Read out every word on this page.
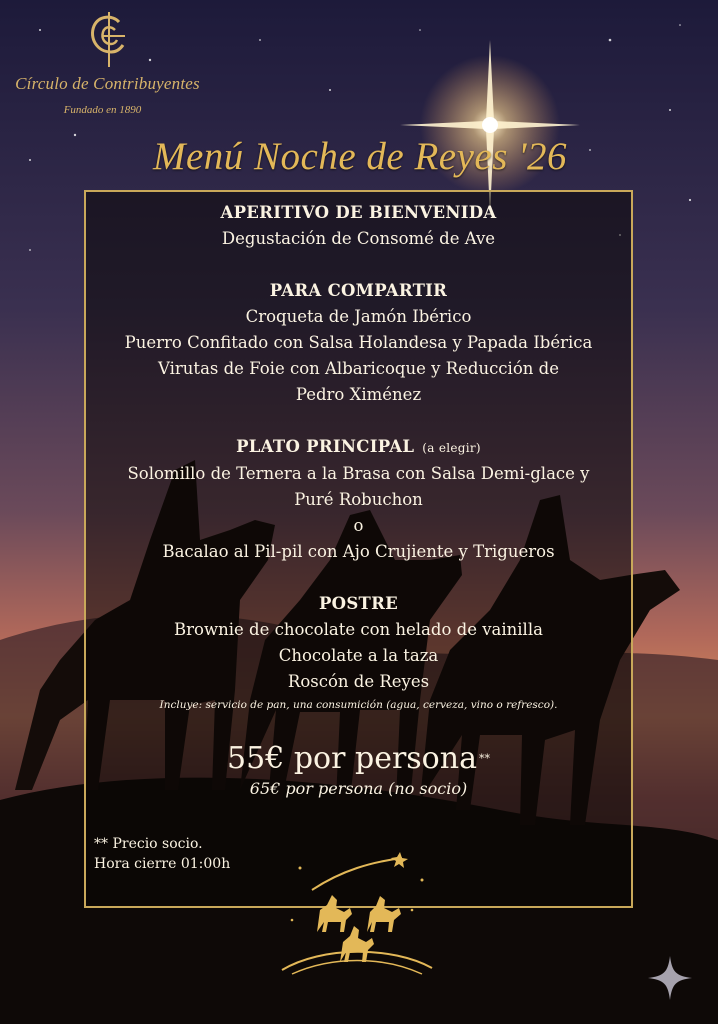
Círculo de Contribuyentes
Fundado en 1890
Menú Noche de Reyes '26
APERITIVO DE BIENVENIDA
Degustación de Consomé de Ave
PARA COMPARTIR
Croqueta de Jamón Ibérico
Puerro Confitado con Salsa Holandesa y Papada Ibérica
Virutas de Foie con Albaricoque y Reducción de
Pedro Ximénez
PLATO PRINCIPAL (a elegir)
Solomillo de Ternera a la Brasa con Salsa Demi-glace y
Puré Robuchon
o
Bacalao al Pil-pil con Ajo Crujiente y Trigueros
POSTRE
Brownie de chocolate con helado de vainilla
Chocolate a la taza
Roscón de Reyes
Incluye: servicio de pan, una consumición (agua, cerveza, vino o refresco).
55€ por persona **
65€ por persona (no socio)
** Precio socio.
Hora cierre 01:00h
